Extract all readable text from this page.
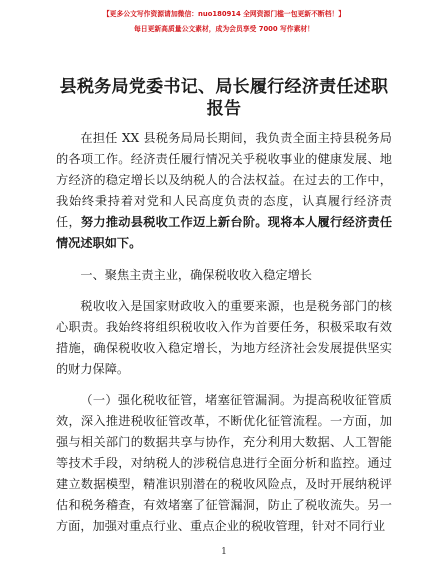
【更多公文写作资源请加微信：nuo180914 全网资源门槛一包更新不断档！】
每日更新高质量公文素材，成为会员享受 7000 写作素材！
县税务局党委书记、局长履行经济责任述职报告

在担任 XX 县税务局局长期间，我负责全面主持县税务局的各项工作。经济责任履行情况关乎税收事业的健康发展、地方经济的稳定增长以及纳税人的合法权益。在过去的工作中，我始终秉持着对党和人民高度负责的态度，认真履行经济责任，努力推动县税收工作迈上新台阶。现将本人履行经济责任情况述职如下。

一、聚焦主责主业，确保税收收入稳定增长

税收收入是国家财政收入的重要来源，也是税务部门的核心职责。我始终将组织税收收入作为首要任务，积极采取有效措施，确保税收收入稳定增长，为地方经济社会发展提供坚实的财力保障。

（一）强化税收征管，堵塞征管漏洞。为提高税收征管质效，深入推进税收征管改革，不断优化征管流程。一方面，加强与相关部门的数据共享与协作，充分利用大数据、人工智能等技术手段，对纳税人的涉税信息进行全面分析和监控。通过建立数据模型，精准识别潜在的税收风险点，及时开展纳税评估和税务稽查，有效堵塞了征管漏洞，防止了税收流失。另一方面，加强对重点行业、重点企业的税收管理，针对不同行业

1
